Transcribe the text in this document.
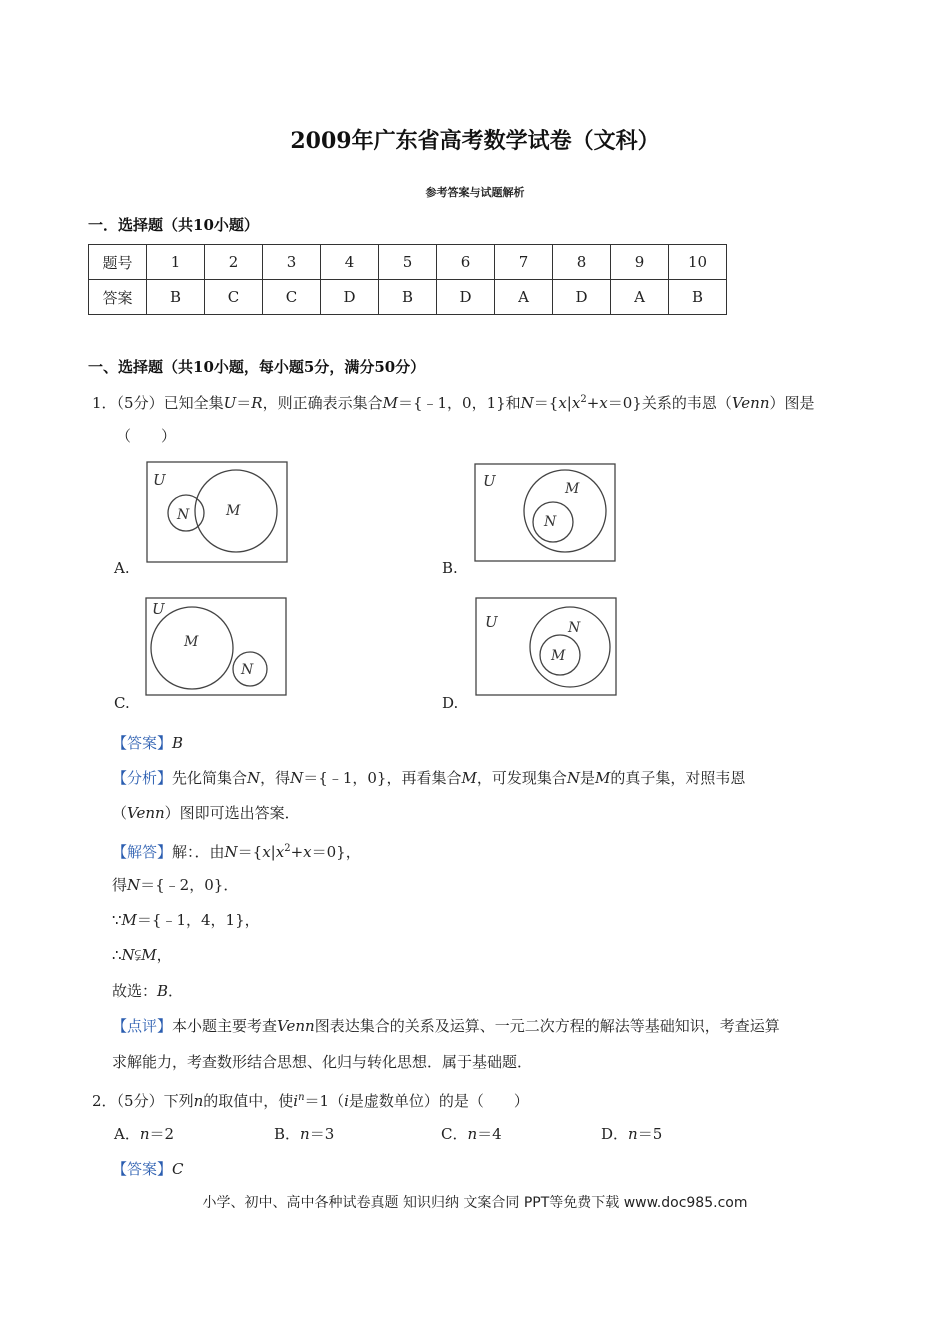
2009年广东省高考数学试卷（文科）
参考答案与试题解析
一．选择题（共10小题）
题号	1	2	3	4	5	6	7	8	9	10
答案	B	C	C	D	B	D	A	D	A	B
一、选择题（共10小题，每小题5分，满分50分）
1．（5分）已知全集U＝R，则正确表示集合M＝{﹣1，0，1}和$N=\{x|x^2+x=0\}$关系的韦恩（Venn）图是
（　　）
U
N	M
A.
U	M
N
B.
U
M
N
C.
U	N
M
D.
【答案】B
【分析】先化简集合N，得N＝{﹣1，0}，再看集合M，可发现集合N是M的真子集，对照韦恩
（Venn）图即可选出答案．
【解答】解：．由$N=\{x|x^2+x=0\}$，
得N＝{﹣2，0}．
∵M＝{﹣1，4，1}，
∴N⫋M，
故选：B．
【点评】本小题主要考查Venn图表达集合的关系及运算、一元二次方程的解法等基础知识，考查运算
求解能力，考查数形结合思想、化归与转化思想．属于基础题．
2．（5分）下列n的取值中，使$i^n=1(i$是虚数单位）的是（　　）
A．n＝2	B．n＝3	C．n＝4	D．n＝5
【答案】C
小学、初中、高中各种试卷真题 知识归纳 文案合同 PPT等免费下载 www.doc985.com
